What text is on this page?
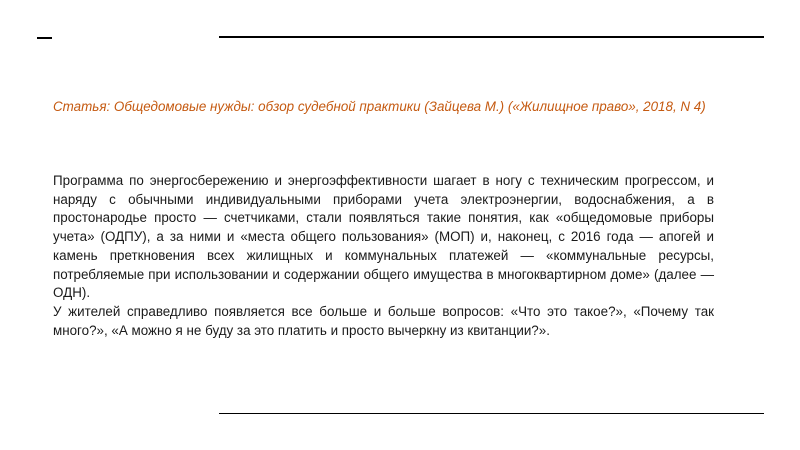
Статья: Общедомовые нужды: обзор судебной практики (Зайцева М.) («Жилищное право», 2018, N 4)

Программа по энергосбережению и энергоэффективности шагает в ногу с техническим прогрессом, и наряду с обычными индивидуальными приборами учета электроэнергии, водоснабжения, а в простонародье просто — счетчиками, стали появляться такие понятия, как «общедомовые приборы учета» (ОДПУ), а за ними и «места общего пользования» (МОП) и, наконец, с 2016 года — апогей и камень преткновения всех жилищных и коммунальных платежей — «коммунальные ресурсы, потребляемые при использовании и содержании общего имущества в многоквартирном доме» (далее — ОДН).

У жителей справедливо появляется все больше и больше вопросов: «Что это такое?», «Почему так много?», «А можно я не буду за это платить и просто вычеркну из квитанции?».
